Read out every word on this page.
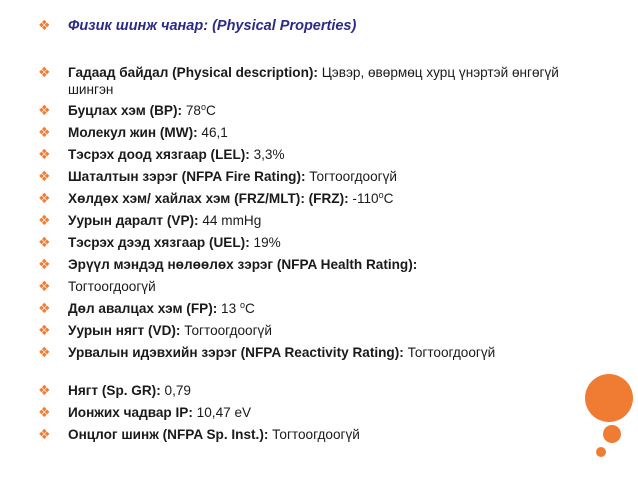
❖ Физик шинж чанар: (Physical Properties)
❖ Гадаад байдал (Physical description): Цэвэр, өвөрмөц хурц үнэртэй өнгөгүй шингэн
❖ Буцлах хэм (BP): 78$^o$C
❖ Молекул жин (MW): 46,1
❖ Тэсрэх доод хязгаар (LEL): 3,3%
❖ Шаталтын зэрэг (NFPA Fire Rating): Тогтоогдоогүй
❖ Хөлдөх хэм/ хайлах хэм (FRZ/MLT): (FRZ): -110$^o$C
❖ Уурын даралт (VP): 44 mmHg
❖ Тэсрэх дээд хязгаар (UEL): 19%
❖ Эрүүл мэндэд нөлөөлөх зэрэг (NFPA Health Rating):
❖ Тогтоогдоогүй
❖ Дөл авалцах хэм (FP): 13 $^o$C
❖ Уурын нягт (VD): Тогтоогдоогүй
❖ Урвалын идэвхийн зэрэг (NFPA Reactivity Rating): Тогтоогдоогүй
❖ Нягт (Sp. GR): 0,79
❖ Ионжих чадвар IP: 10,47 eV
❖ Онцлог шинж (NFPA Sp. Inst.): Тогтоогдоогүй
